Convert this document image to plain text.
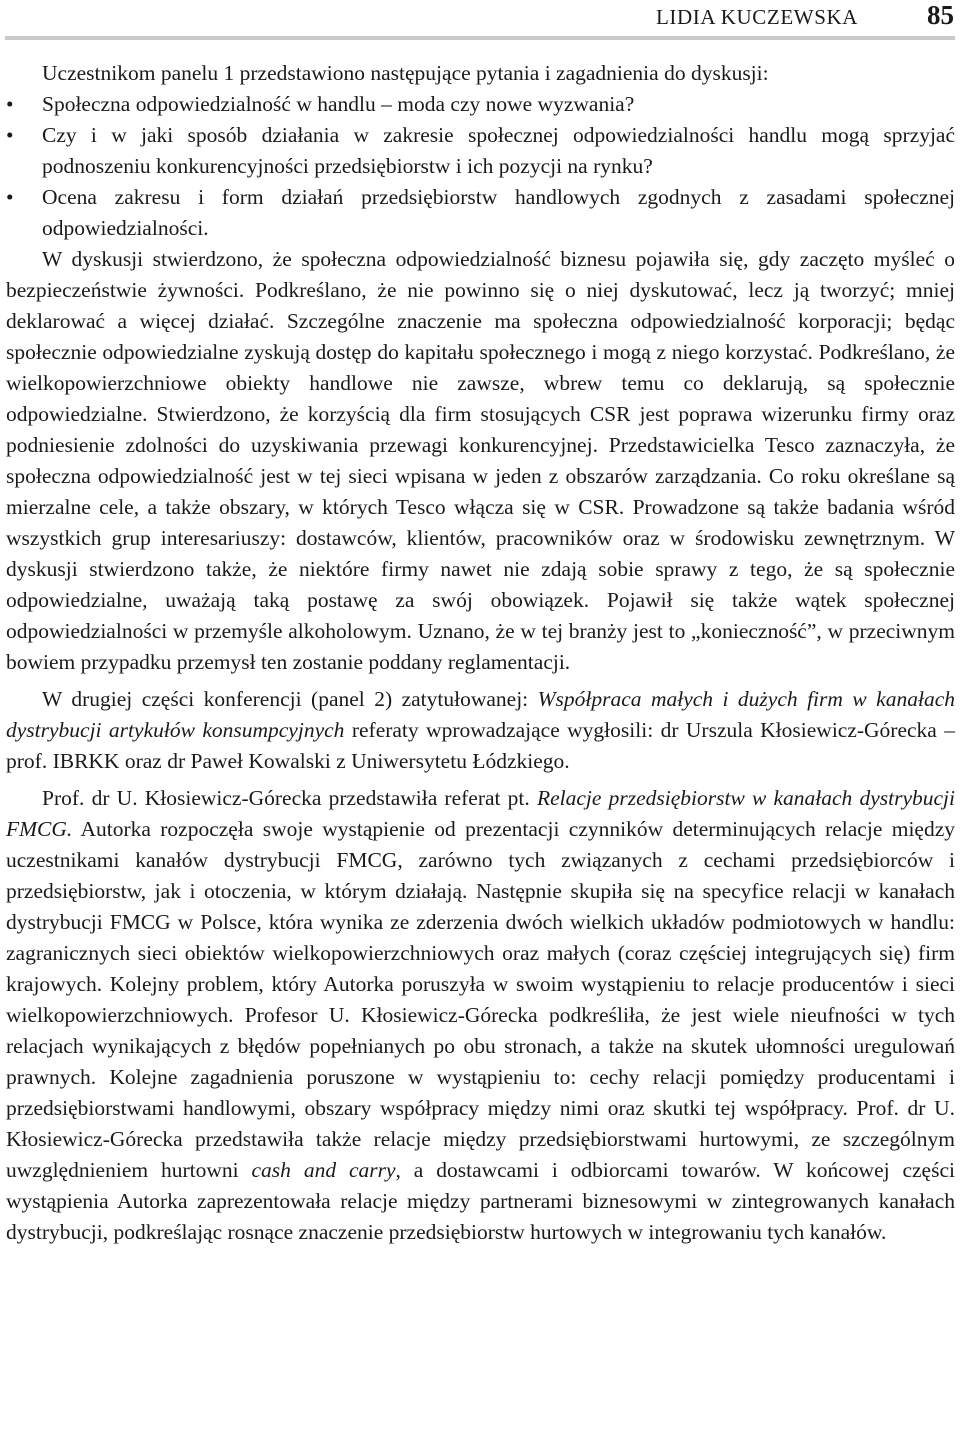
LIDIA KUCZEWSKA	85

Uczestnikom panelu 1 przedstawiono następujące pytania i zagadnienia do dyskusji:

•	Społeczna odpowiedzialność w handlu – moda czy nowe wyzwania?
•	Czy i w jaki sposób działania w zakresie społecznej odpowiedzialności handlu mogą sprzyjać podnoszeniu konkurencyjności przedsiębiorstw i ich pozycji na rynku?
•	Ocena zakresu i form działań przedsiębiorstw handlowych zgodnych z zasadami społecznej odpowiedzialności.

W dyskusji stwierdzono, że społeczna odpowiedzialność biznesu pojawiła się, gdy zaczęto myśleć o bezpieczeństwie żywności. Podkreślano, że nie powinno się o niej dyskutować, lecz ją tworzyć; mniej deklarować a więcej działać. Szczególne znaczenie ma społeczna odpowiedzialność korporacji; będąc społecznie odpowiedzialne zyskują dostęp do kapitału społecznego i mogą z niego korzystać. Podkreślano, że wielkopowierzchniowe obiekty handlowe nie zawsze, wbrew temu co deklarują, są społecznie odpowiedzialne. Stwierdzono, że korzyścią dla firm stosujących CSR jest poprawa wizerunku firmy oraz podniesienie zdolności do uzyskiwania przewagi konkurencyjnej. Przedstawicielka Tesco zaznaczyła, że społeczna odpowiedzialność jest w tej sieci wpisana w jeden z obszarów zarządzania. Co roku określane są mierzalne cele, a także obszary, w których Tesco włącza się w CSR. Prowadzone są także badania wśród wszystkich grup interesariuszy: dostawców, klientów, pracowników oraz w środowisku zewnętrznym. W dyskusji stwierdzono także, że niektóre firmy nawet nie zdają sobie sprawy z tego, że są społecznie odpowiedzialne, uważają taką postawę za swój obowiązek. Pojawił się także wątek społecznej odpowiedzialności w przemyśle alkoholowym. Uznano, że w tej branży jest to „konieczność”, w przeciwnym bowiem przypadku przemysł ten zostanie poddany reglamentacji.

W drugiej części konferencji (panel 2) zatytułowanej: Współpraca małych i dużych firm w kanałach dystrybucji artykułów konsumpcyjnych referaty wprowadzające wygłosili: dr Urszula Kłosiewicz-Górecka – prof. IBRKK oraz dr Paweł Kowalski z Uniwersytetu Łódzkiego.

Prof. dr U. Kłosiewicz-Górecka przedstawiła referat pt. Relacje przedsiębiorstw w kanałach dystrybucji FMCG. Autorka rozpoczęła swoje wystąpienie od prezentacji czynników determinujących relacje między uczestnikami kanałów dystrybucji FMCG, zarówno tych związanych z cechami przedsiębiorców i przedsiębiorstw, jak i otoczenia, w którym działają. Następnie skupiła się na specyfice relacji w kanałach dystrybucji FMCG w Polsce, która wynika ze zderzenia dwóch wielkich układów podmiotowych w handlu: zagranicznych sieci obiektów wielkopowierzchniowych oraz małych (coraz częściej integrujących się) firm krajowych. Kolejny problem, który Autorka poruszyła w swoim wystąpieniu to relacje producentów i sieci wielkopowierzchniowych. Profesor U. Kłosiewicz-Górecka podkreśliła, że jest wiele nieufności w tych relacjach wynikających z błędów popełnianych po obu stronach, a także na skutek ułomności uregulowań prawnych. Kolejne zagadnienia poruszone w wystąpieniu to: cechy relacji pomiędzy producentami i przedsiębiorstwami handlowymi, obszary współpracy między nimi oraz skutki tej współpracy. Prof. dr U. Kłosiewicz-Górecka przedstawiła także relacje między przedsiębiorstwami hurtowymi, ze szczególnym uwzględnieniem hurtowni cash and carry, a dostawcami i odbiorcami towarów. W końcowej części wystąpienia Autorka zaprezentowała relacje między partnerami biznesowymi w zintegrowanych kanałach dystrybucji, podkreślając rosnące znaczenie przedsiębiorstw hurtowych w integrowaniu tych kanałów.
